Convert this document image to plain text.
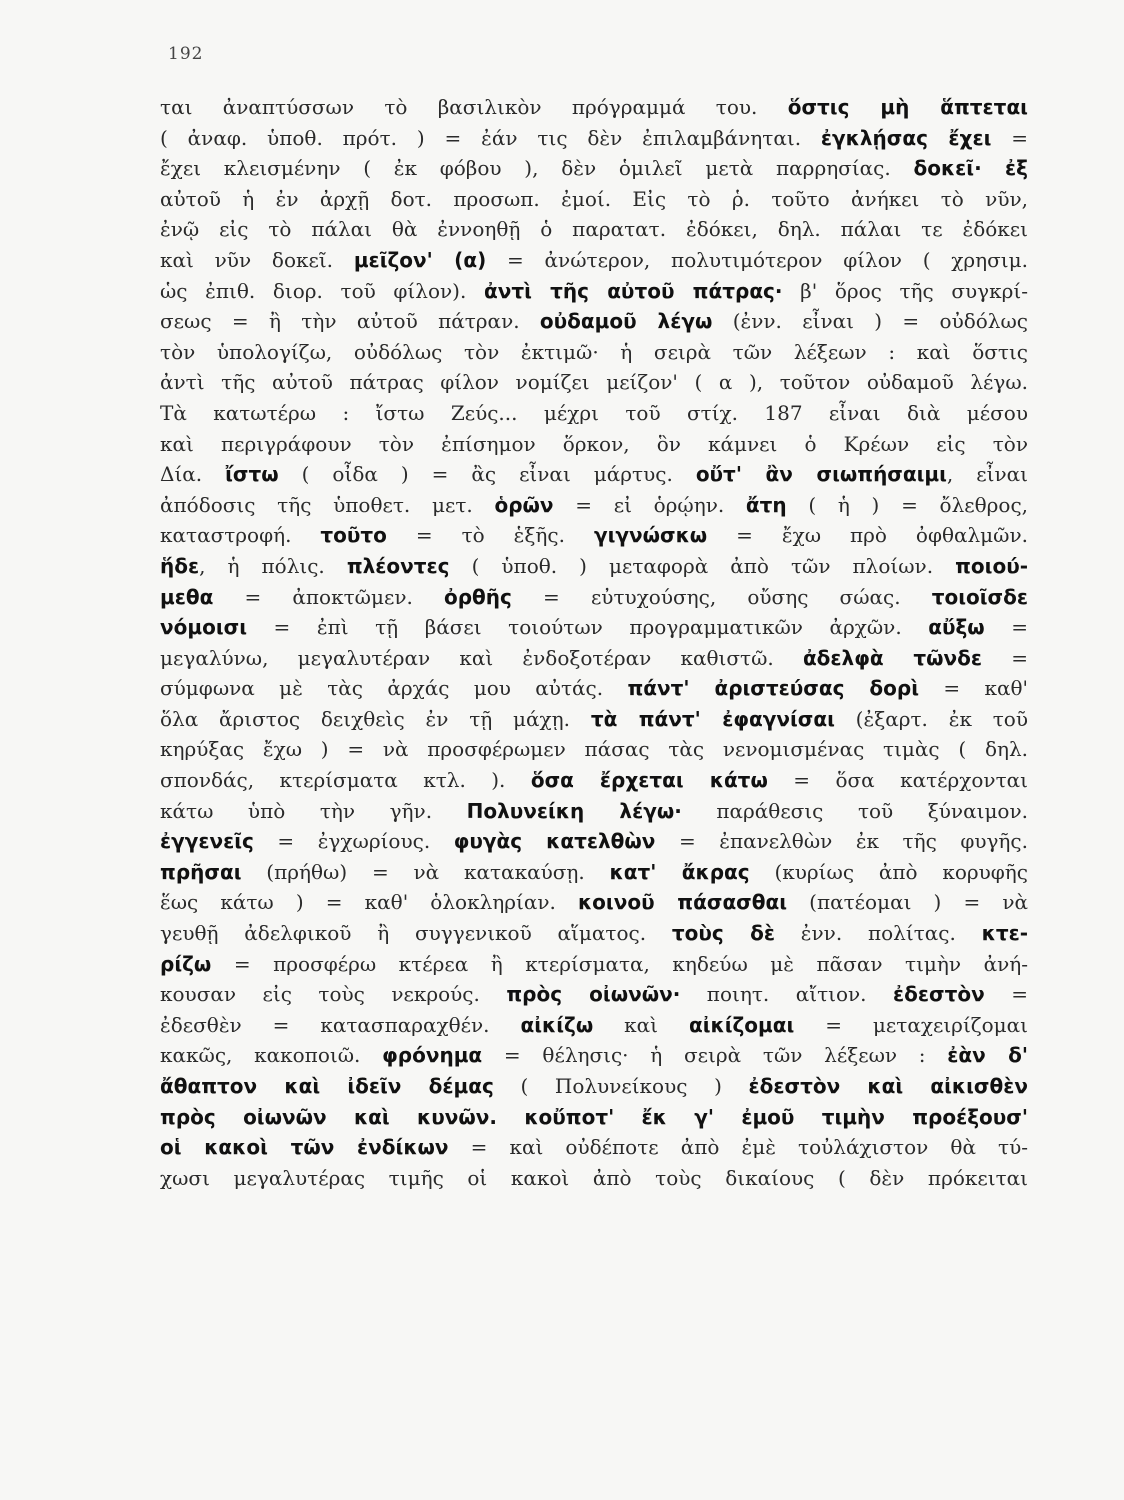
192
ται ἀναπτύσσων τὸ βασιλικὸν πρόγραμμά του. ὅστις μὴ ἅπτεται
( ἀναφ. ὑποθ. πρότ. ) = ἐάν τις δὲν ἐπιλαμβάνηται. ἐγκλῄσας ἔχει =
ἔχει κλεισμένην ( ἐκ φόβου ), δὲν ὁμιλεῖ μετὰ παρρησίας. δοκεῖ· ἐξ
αὐτοῦ ἡ ἐν ἀρχῇ δοτ. προσωπ. ἐμοί. Εἰς τὸ ῥ. τοῦτο ἀνήκει τὸ νῦν,
ἐνῷ εἰς τὸ πάλαι θὰ ἐννοηθῇ ὁ παρατατ. ἐδόκει, δηλ. πάλαι τε ἐδόκει
καὶ νῦν δοκεῖ. μεῖζον' (α) = ἀνώτερον, πολυτιμότερον φίλον ( χρησιμ.
ὡς ἐπιθ. διορ. τοῦ φίλον). ἀντὶ τῆς αὐτοῦ πάτρας· β' ὅρος τῆς συγκρί-
σεως = ἢ τὴν αὐτοῦ πάτραν. οὐδαμοῦ λέγω (ἐνν. εἶναι ) = οὐδόλως
τὸν ὑπολογίζω, οὐδόλως τὸν ἐκτιμῶ· ἡ σειρὰ τῶν λέξεων : καὶ ὅστις
ἀντὶ τῆς αὐτοῦ πάτρας φίλον νομίζει μείζον' ( α ), τοῦτον οὐδαμοῦ λέγω.
Τὰ κατωτέρω : ἴστω Ζεύς... μέχρι τοῦ στίχ. 187 εἶναι διὰ μέσου
καὶ περιγράφουν τὸν ἐπίσημον ὅρκον, ὃν κάμνει ὁ Κρέων εἰς τὸν
Δία. ἴστω ( οἶδα ) = ἂς εἶναι μάρτυς. οὔτ' ἂν σιωπήσαιμι, εἶναι
ἀπόδοσις τῆς ὑποθετ. μετ. ὁρῶν = εἰ ὁρῴην. ἄτη ( ἡ ) = ὄλεθρος,
καταστροφή. τοῦτο = τὸ ἑξῆς. γιγνώσκω = ἔχω πρὸ ὀφθαλμῶν.
ἥδε, ἡ πόλις. πλέοντες ( ὑποθ. ) μεταφορὰ ἀπὸ τῶν πλοίων. ποιού-
μεθα = ἀποκτῶμεν. ὀρθῆς = εὐτυχούσης, οὔσης σώας. τοιοῖσδε
νόμοισι = ἐπὶ τῇ βάσει τοιούτων προγραμματικῶν ἀρχῶν. αὔξω =
μεγαλύνω, μεγαλυτέραν καὶ ἐνδοξοτέραν καθιστῶ. ἀδελφὰ τῶνδε =
σύμφωνα μὲ τὰς ἀρχάς μου αὐτάς. πάντ' ἀριστεύσας δορὶ = καθ'
ὅλα ἄριστος δειχθεὶς ἐν τῇ μάχῃ. τὰ πάντ' ἐφαγνίσαι (ἐξαρτ. ἐκ τοῦ
κηρύξας ἔχω ) = νὰ προσφέρωμεν πάσας τὰς νενομισμένας τιμὰς ( δηλ.
σπονδάς, κτερίσματα κτλ. ). ὅσα ἔρχεται κάτω = ὅσα κατέρχονται
κάτω ὑπὸ τὴν γῆν. Πολυνείκη λέγω· παράθεσις τοῦ ξύναιμον.
ἐγγενεῖς = ἐγχωρίους. φυγὰς κατελθὼν = ἐπανελθὼν ἐκ τῆς φυγῆς.
πρῆσαι (πρήθω) = νὰ κατακαύσῃ. κατ' ἄκρας (κυρίως ἀπὸ κορυφῆς
ἕως κάτω ) = καθ' ὁλοκληρίαν. κοινοῦ πάσασθαι (πατέομαι ) = νὰ
γευθῇ ἀδελφικοῦ ἢ συγγενικοῦ αἵματος. τοὺς δὲ ἐνν. πολίτας. κτε-
ρίζω = προσφέρω κτέρεα ἢ κτερίσματα, κηδεύω μὲ πᾶσαν τιμὴν ἀνή-
κουσαν εἰς τοὺς νεκρούς. πρὸς οἰωνῶν· ποιητ. αἴτιον. ἐδεστὸν =
ἐδεσθὲν = κατασπαραχθέν. αἰκίζω καὶ αἰκίζομαι = μεταχειρίζομαι
κακῶς, κακοποιῶ. φρόνημα = θέλησις· ἡ σειρὰ τῶν λέξεων : ἐὰν δ'
ἄθαπτον καὶ ἰδεῖν δέμας ( Πολυνείκους ) ἐδεστὸν καὶ αἰκισθὲν
πρὸς οἰωνῶν καὶ κυνῶν. κοὔποτ' ἔκ γ' ἐμοῦ τιμὴν προέξουσ'
οἱ κακοὶ τῶν ἐνδίκων = καὶ οὐδέποτε ἀπὸ ἐμὲ τοὐλάχιστον θὰ τύ-
χωσι μεγαλυτέρας τιμῆς οἱ κακοὶ ἀπὸ τοὺς δικαίους ( δὲν πρόκειται
